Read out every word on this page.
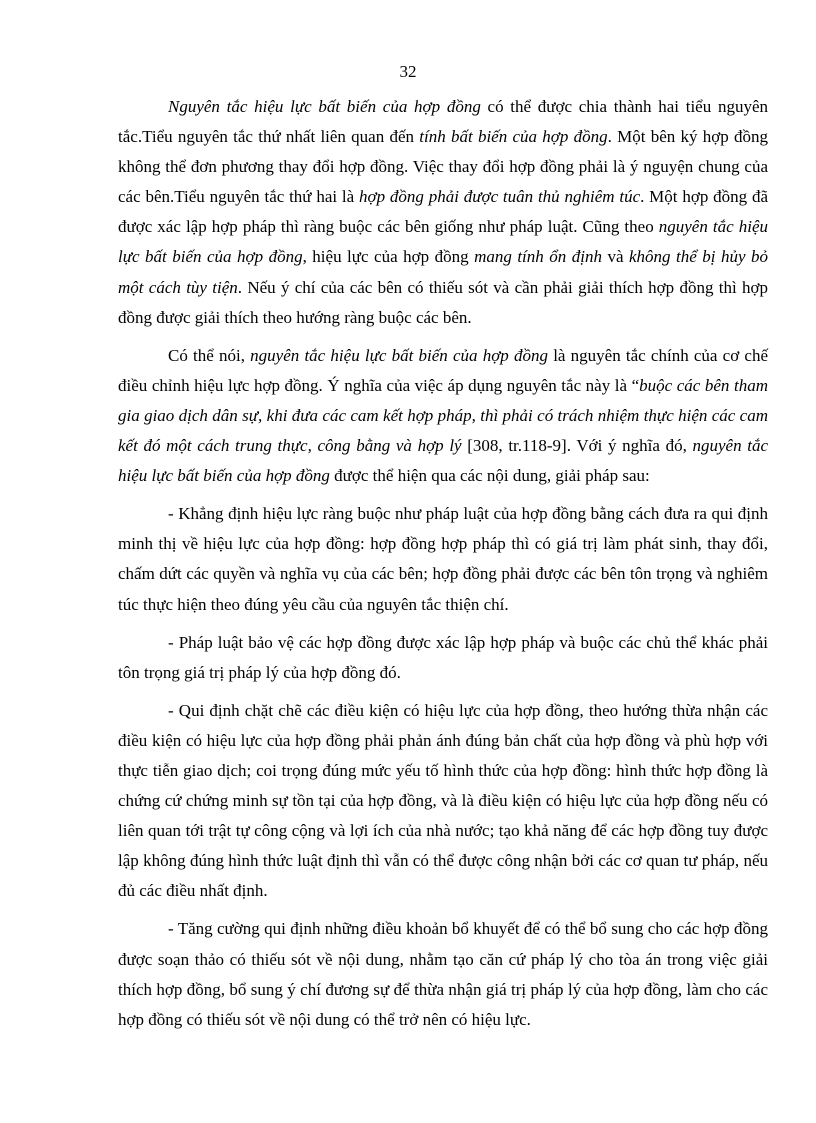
32

Nguyên tắc hiệu lực bất biến của hợp đồng có thể được chia thành hai tiểu nguyên tắc.Tiểu nguyên tắc thứ nhất liên quan đến tính bất biến của hợp đồng. Một bên ký hợp đồng không thể đơn phương thay đổi hợp đồng. Việc thay đổi hợp đồng phải là ý nguyện chung của các bên.Tiểu nguyên tắc thứ hai là hợp đồng phải được tuân thủ nghiêm túc. Một hợp đồng đã được xác lập hợp pháp thì ràng buộc các bên giống như pháp luật. Cũng theo nguyên tắc hiệu lực bất biến của hợp đồng, hiệu lực của hợp đồng mang tính ổn định và không thể bị hủy bỏ một cách tùy tiện. Nếu ý chí của các bên có thiếu sót và cần phải giải thích hợp đồng thì hợp đồng được giải thích theo hướng ràng buộc các bên.

Có thể nói, nguyên tắc hiệu lực bất biến của hợp đồng là nguyên tắc chính của cơ chế điều chỉnh hiệu lực hợp đồng. Ý nghĩa của việc áp dụng nguyên tắc này là “buộc các bên tham gia giao dịch dân sự, khi đưa các cam kết hợp pháp, thì phải có trách nhiệm thực hiện các cam kết đó một cách trung thực, công bằng và hợp lý [308, tr.118-9]. Với ý nghĩa đó, nguyên tắc hiệu lực bất biến của hợp đồng được thể hiện qua các nội dung, giải pháp sau:

- Khẳng định hiệu lực ràng buộc như pháp luật của hợp đồng bằng cách đưa ra qui định minh thị về hiệu lực của hợp đồng: hợp đồng hợp pháp thì có giá trị làm phát sinh, thay đổi, chấm dứt các quyền và nghĩa vụ của các bên; hợp đồng phải được các bên tôn trọng và nghiêm túc thực hiện theo đúng yêu cầu của nguyên tắc thiện chí.

- Pháp luật bảo vệ các hợp đồng được xác lập hợp pháp và buộc các chủ thể khác phải tôn trọng giá trị pháp lý của hợp đồng đó.

- Qui định chặt chẽ các điều kiện có hiệu lực của hợp đồng, theo hướng thừa nhận các điều kiện có hiệu lực của hợp đồng phải phản ánh đúng bản chất của hợp đồng và phù hợp với thực tiễn giao dịch; coi trọng đúng mức yếu tố hình thức của hợp đồng: hình thức hợp đồng là chứng cứ chứng minh sự tồn tại của hợp đồng, và là điều kiện có hiệu lực của hợp đồng nếu có liên quan tới trật tự công cộng và lợi ích của nhà nước; tạo khả năng để các hợp đồng tuy được lập không đúng hình thức luật định thì vẫn có thể được công nhận bởi các cơ quan tư pháp, nếu đủ các điều nhất định.

- Tăng cường qui định những điều khoản bổ khuyết để có thể bổ sung cho các hợp đồng được soạn thảo có thiếu sót về nội dung, nhằm tạo căn cứ pháp lý cho tòa án trong việc giải thích hợp đồng, bổ sung ý chí đương sự để thừa nhận giá trị pháp lý của hợp đồng, làm cho các hợp đồng có thiếu sót về nội dung có thể trở nên có hiệu lực.
